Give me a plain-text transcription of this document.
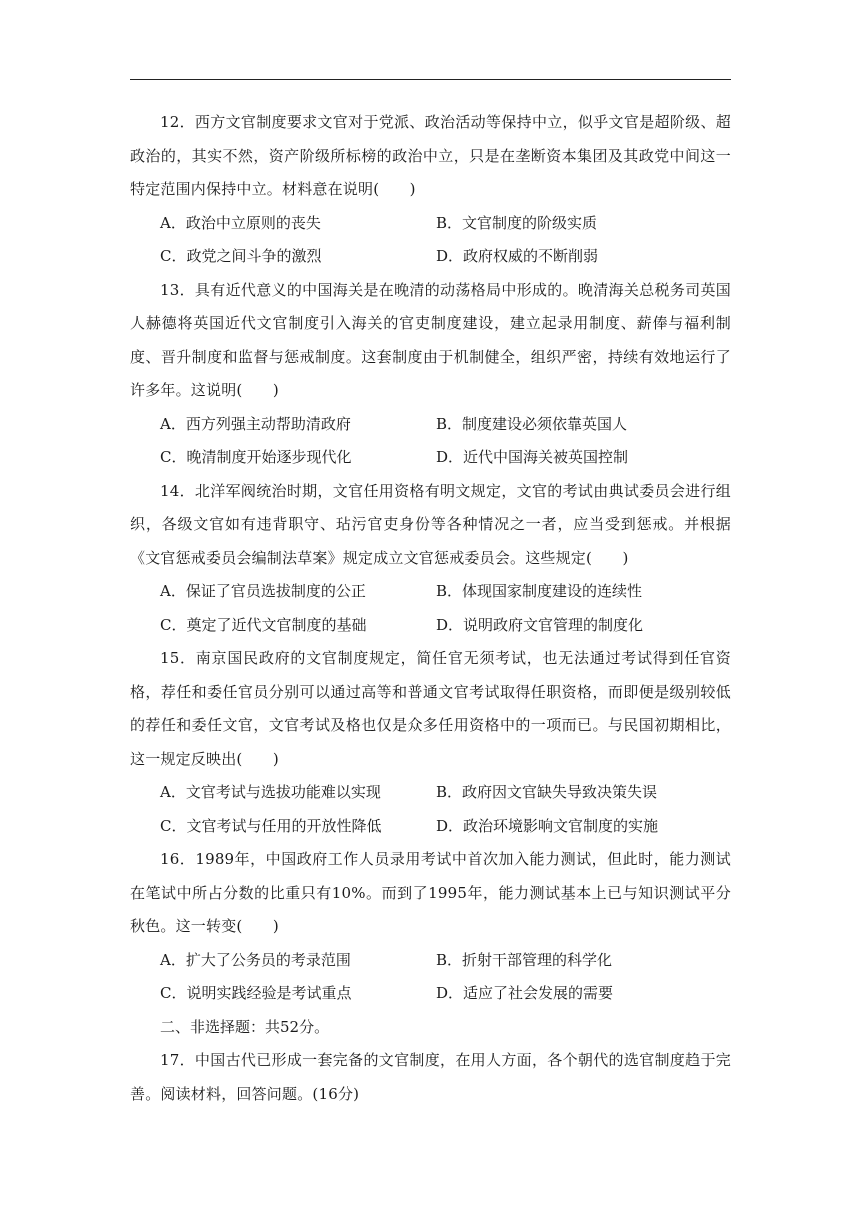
12．西方文官制度要求文官对于党派、政治活动等保持中立，似乎文官是超阶级、超政治的，其实不然，资产阶级所标榜的政治中立，只是在垄断资本集团及其政党中间这一特定范围内保持中立。材料意在说明(　　)

A．政治中立原则的丧失	B．文官制度的阶级实质
C．政党之间斗争的激烈	D．政府权威的不断削弱

13．具有近代意义的中国海关是在晚清的动荡格局中形成的。晚清海关总税务司英国人赫德将英国近代文官制度引入海关的官吏制度建设，建立起录用制度、薪俸与福利制度、晋升制度和监督与惩戒制度。这套制度由于机制健全，组织严密，持续有效地运行了许多年。这说明(　　)

A．西方列强主动帮助清政府	B．制度建设必须依靠英国人
C．晚清制度开始逐步现代化	D．近代中国海关被英国控制

14．北洋军阀统治时期，文官任用资格有明文规定，文官的考试由典试委员会进行组织，各级文官如有违背职守、玷污官吏身份等各种情况之一者，应当受到惩戒。并根据《文官惩戒委员会编制法草案》规定成立文官惩戒委员会。这些规定(　　)

A．保证了官员选拔制度的公正	B．体现国家制度建设的连续性
C．奠定了近代文官制度的基础	D．说明政府文官管理的制度化

15．南京国民政府的文官制度规定，简任官无须考试，也无法通过考试得到任官资格，荐任和委任官员分别可以通过高等和普通文官考试取得任职资格，而即便是级别较低的荐任和委任文官，文官考试及格也仅是众多任用资格中的一项而已。与民国初期相比，这一规定反映出(　　)

A．文官考试与选拔功能难以实现	B．政府因文官缺失导致决策失误
C．文官考试与任用的开放性降低	D．政治环境影响文官制度的实施

16．1989年，中国政府工作人员录用考试中首次加入能力测试，但此时，能力测试在笔试中所占分数的比重只有10%。而到了1995年，能力测试基本上已与知识测试平分秋色。这一转变(　　)

A．扩大了公务员的考录范围	B．折射干部管理的科学化
C．说明实践经验是考试重点	D．适应了社会发展的需要

二、非选择题：共52分。

17．中国古代已形成一套完备的文官制度，在用人方面，各个朝代的选官制度趋于完善。阅读材料，回答问题。(16分)
